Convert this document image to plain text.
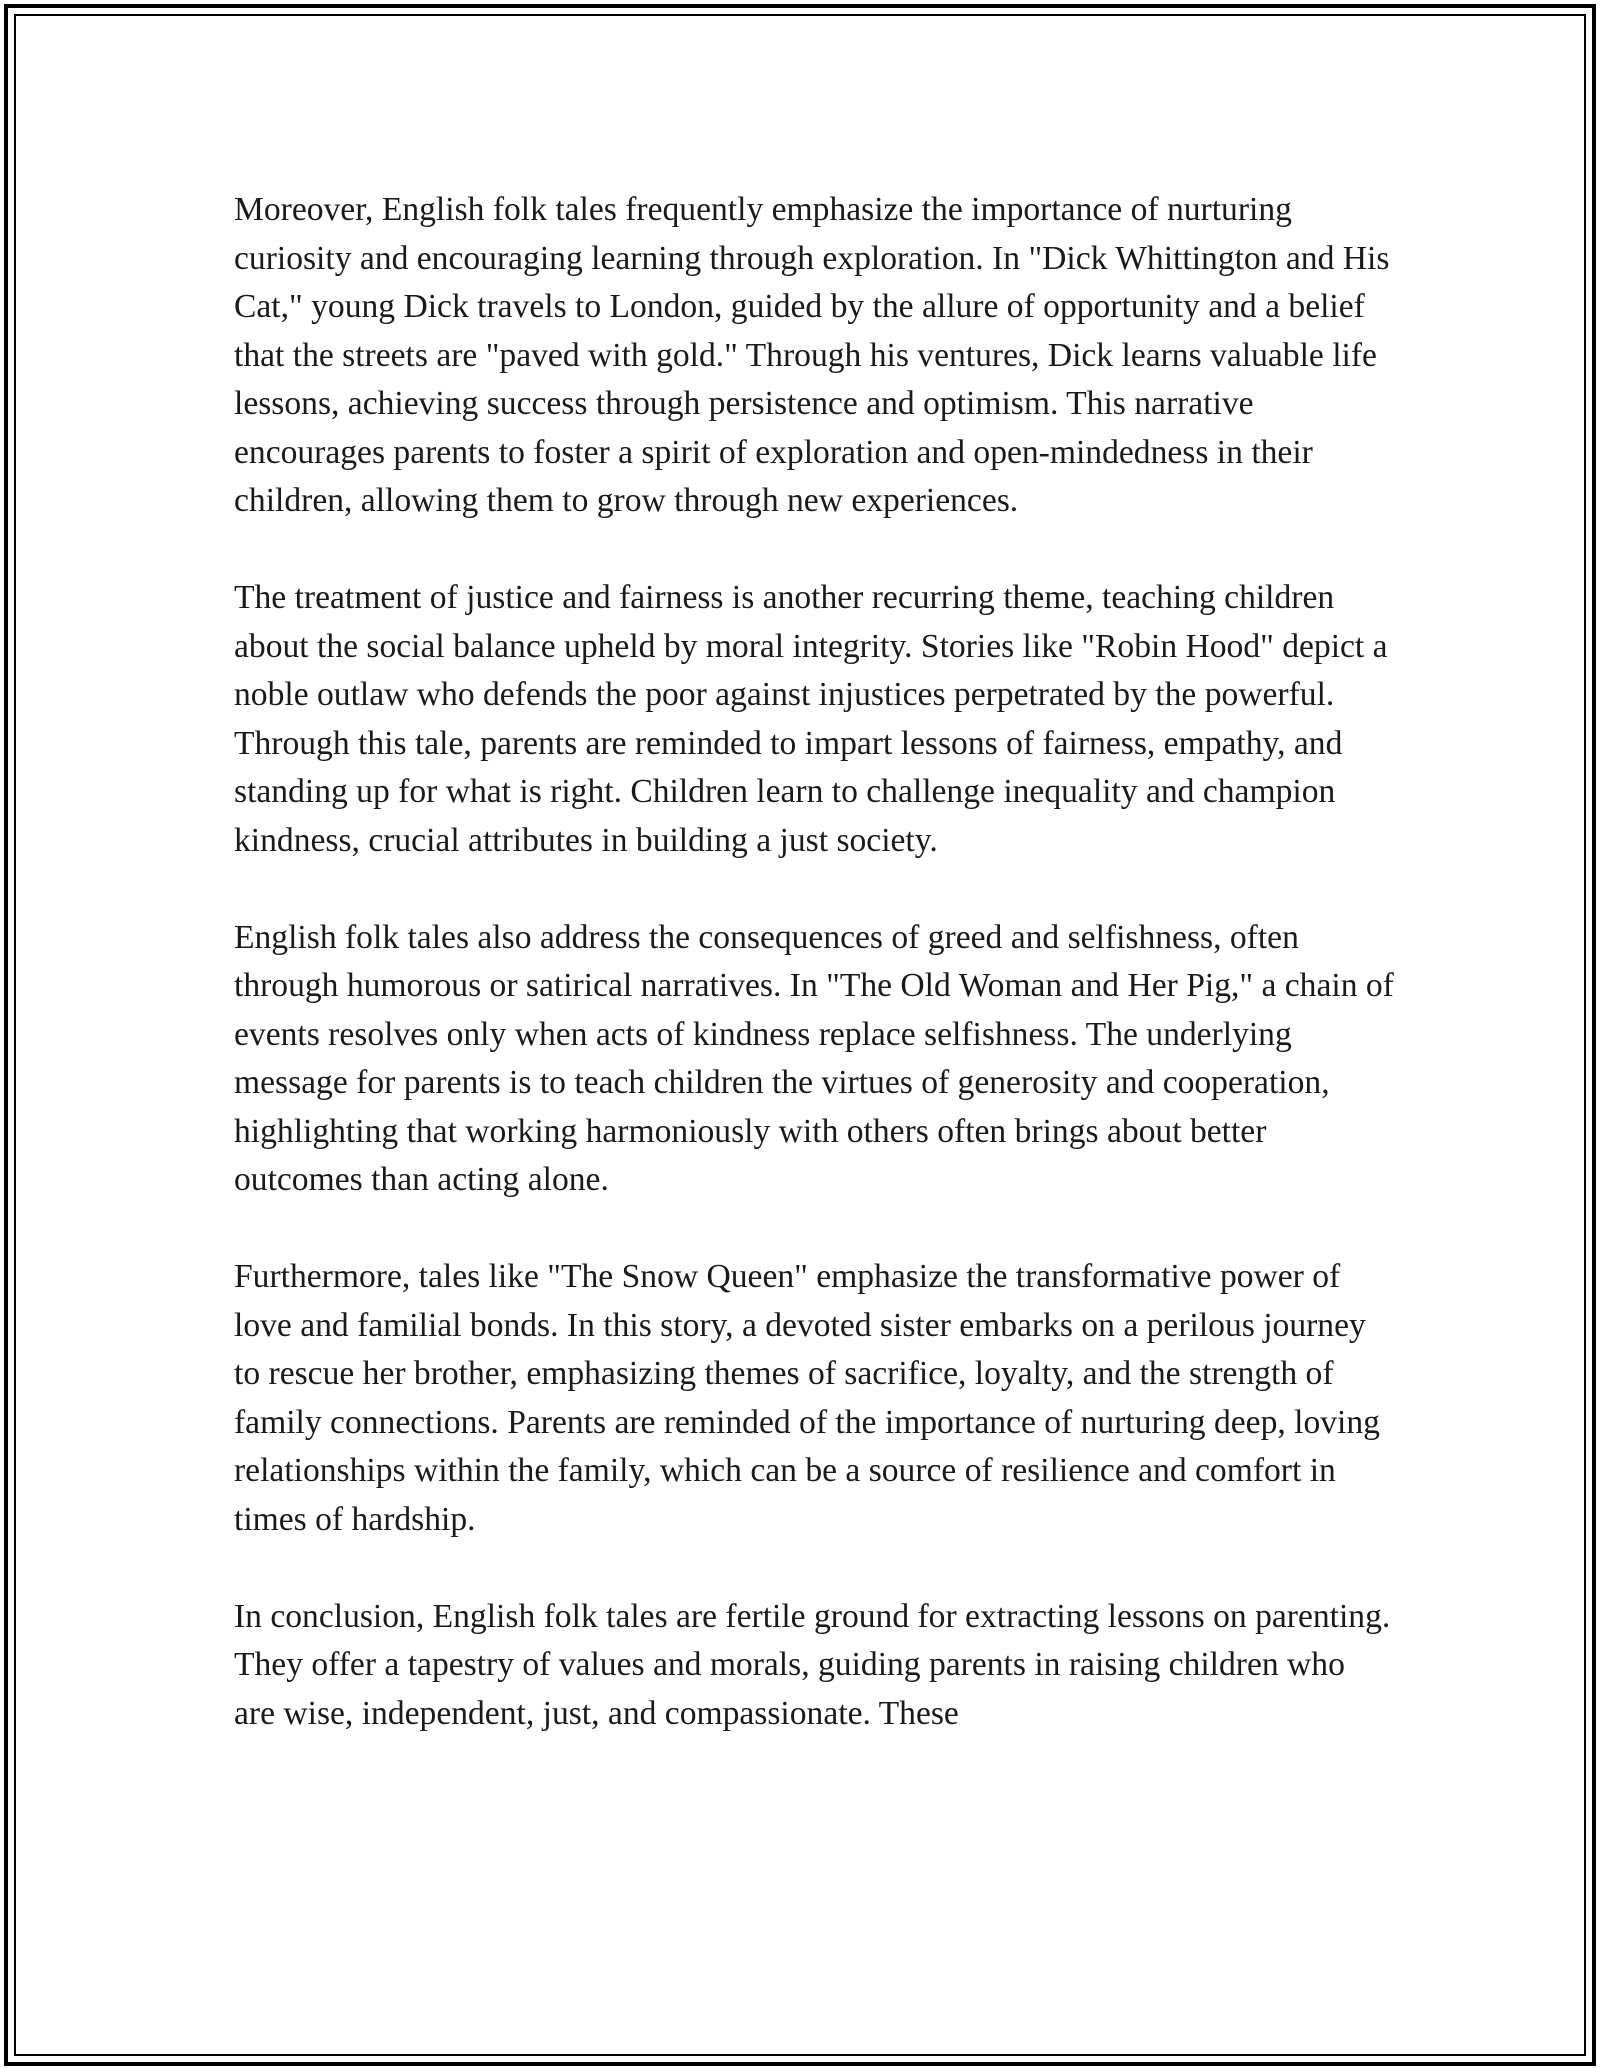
Moreover, English folk tales frequently emphasize the importance of nurturing curiosity and encouraging learning through exploration. In "Dick Whittington and His Cat," young Dick travels to London, guided by the allure of opportunity and a belief that the streets are "paved with gold." Through his ventures, Dick learns valuable life lessons, achieving success through persistence and optimism. This narrative encourages parents to foster a spirit of exploration and open-mindedness in their children, allowing them to grow through new experiences.

The treatment of justice and fairness is another recurring theme, teaching children about the social balance upheld by moral integrity. Stories like "Robin Hood" depict a noble outlaw who defends the poor against injustices perpetrated by the powerful. Through this tale, parents are reminded to impart lessons of fairness, empathy, and standing up for what is right. Children learn to challenge inequality and champion kindness, crucial attributes in building a just society.

English folk tales also address the consequences of greed and selfishness, often through humorous or satirical narratives. In "The Old Woman and Her Pig," a chain of events resolves only when acts of kindness replace selfishness. The underlying message for parents is to teach children the virtues of generosity and cooperation, highlighting that working harmoniously with others often brings about better outcomes than acting alone.

Furthermore, tales like "The Snow Queen" emphasize the transformative power of love and familial bonds. In this story, a devoted sister embarks on a perilous journey to rescue her brother, emphasizing themes of sacrifice, loyalty, and the strength of family connections. Parents are reminded of the importance of nurturing deep, loving relationships within the family, which can be a source of resilience and comfort in times of hardship.

In conclusion, English folk tales are fertile ground for extracting lessons on parenting. They offer a tapestry of values and morals, guiding parents in raising children who are wise, independent, just, and compassionate. These
